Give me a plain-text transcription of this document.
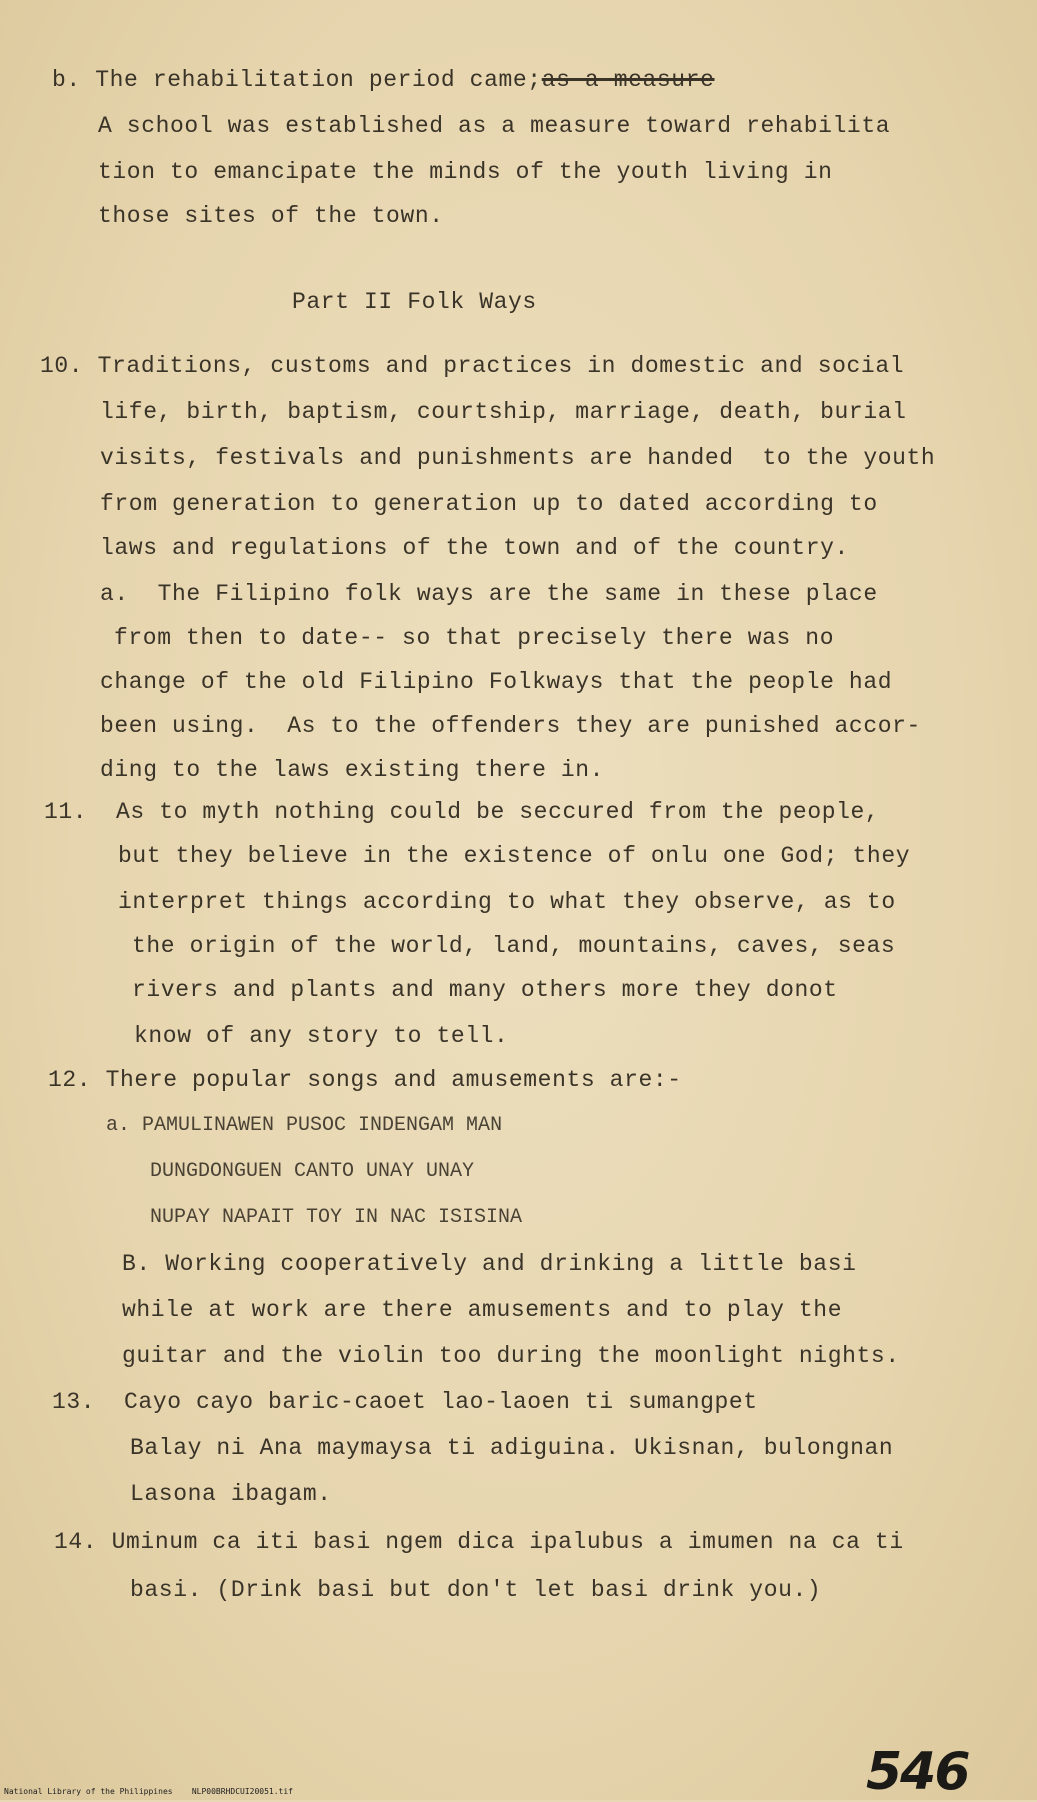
b. The rehabilitation period came;as a measure
A school was established as a measure toward rehabilita
tion to emancipate the minds of the youth living in
those sites of the town.
Part II Folk Ways
10. Traditions, customs and practices in domestic and social
life, birth, baptism, courtship, marriage, death, burial
visits, festivals and punishments are handed  to the youth
from generation to generation up to dated according to
laws and regulations of the town and of the country.
a.  The Filipino folk ways are the same in these place
from then to date-- so that precisely there was no
change of the old Filipino Folkways that the people had
been using.  As to the offenders they are punished accor-
ding to the laws existing there in.
11.  As to myth nothing could be seccured from the people,
but they believe in the existence of onlu one God; they
interpret things according to what they observe, as to
the origin of the world, land, mountains, caves, seas
rivers and plants and many others more they donot
know of any story to tell.
12. There popular songs and amusements are:-
a. PAMULINAWEN PUSOC INDENGAM MAN
DUNGDONGUEN CANTO UNAY UNAY
NUPAY NAPAIT TOY IN NAC ISISINA
B. Working cooperatively and drinking a little basi
while at work are there amusements and to play the
guitar and the violin too during the moonlight nights.
13.  Cayo cayo baric-caoet lao-laoen ti sumangpet
Balay ni Ana maymaysa ti adiguina. Ukisnan, bulongnan
Lasona ibagam.
14. Uminum ca iti basi ngem dica ipalubus a imumen na ca ti
basi. (Drink basi but don't let basi drink you.)
546
National Library of the Philippines    NLP00BRHDCUI20051.tif
